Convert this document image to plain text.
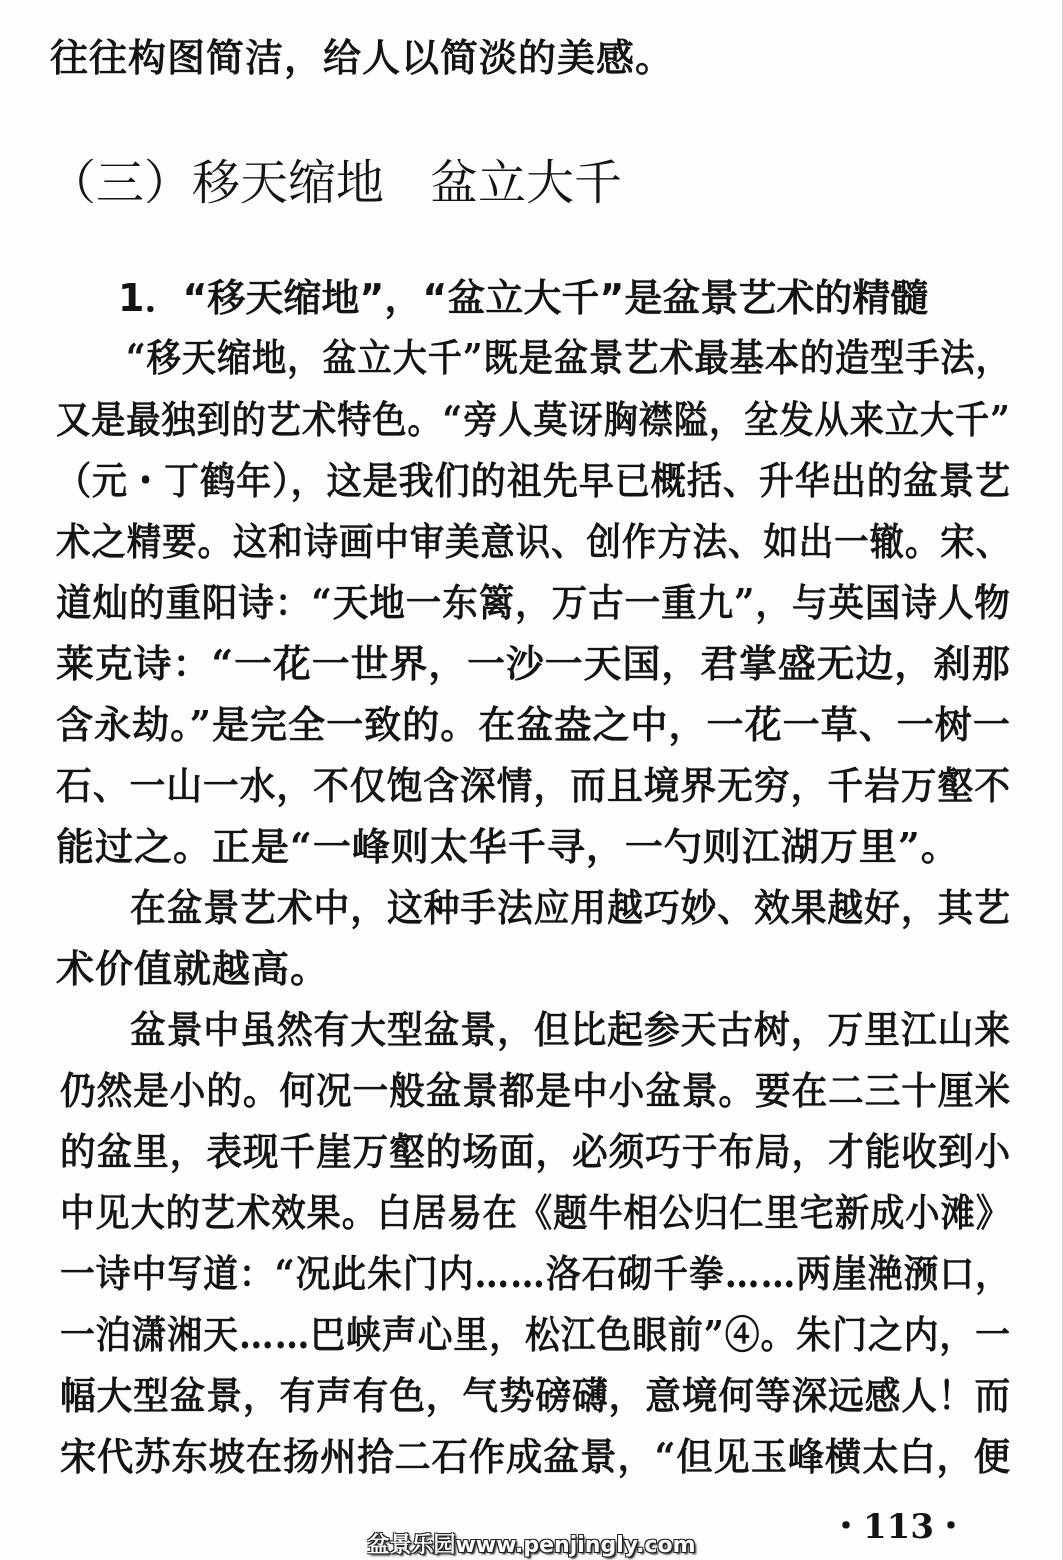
往往构图简洁，给人以简淡的美感。
（三）移天缩地 盆立大千
1．“移天缩地”，“盆立大千”是盆景艺术的精髓
“移天缩地，盆立大千”既是盆景艺术最基本的造型手法，
又是最独到的艺术特色。“旁人莫讶胸襟隘，坌发从来立大千”
（元・丁鹤年），这是我们的祖先早已概括、升华出的盆景艺
术之精要。这和诗画中审美意识、创作方法、如出一辙。宋、
道灿的重阳诗：“天地一东篱，万古一重九”，与英国诗人物
莱克诗：“一花一世界，一沙一天国，君掌盛无边，刹那
含永劫。”是完全一致的。在盆盎之中，一花一草、一树一
石、一山一水，不仅饱含深情，而且境界无穷，千岩万壑不
能过之。正是“一峰则太华千寻，一勺则江湖万里”。
在盆景艺术中，这种手法应用越巧妙、效果越好，其艺
术价值就越高。
盆景中虽然有大型盆景，但比起参天古树，万里江山来
仍然是小的。何况一般盆景都是中小盆景。要在二三十厘米
的盆里，表现千崖万壑的场面，必须巧于布局，才能收到小
中见大的艺术效果。白居易在《题牛相公归仁里宅新成小滩》
一诗中写道：“况此朱门内……洛石砌千拳……两崖滟滪口，
一泊潇湘天……巴峡声心里，松江色眼前”④。朱门之内，一
幅大型盆景，有声有色，气势磅礴，意境何等深远感人！而
宋代苏东坡在扬州拾二石作成盆景，“但见玉峰横太白，便
・113・
盆景乐园www.penjingly.com
